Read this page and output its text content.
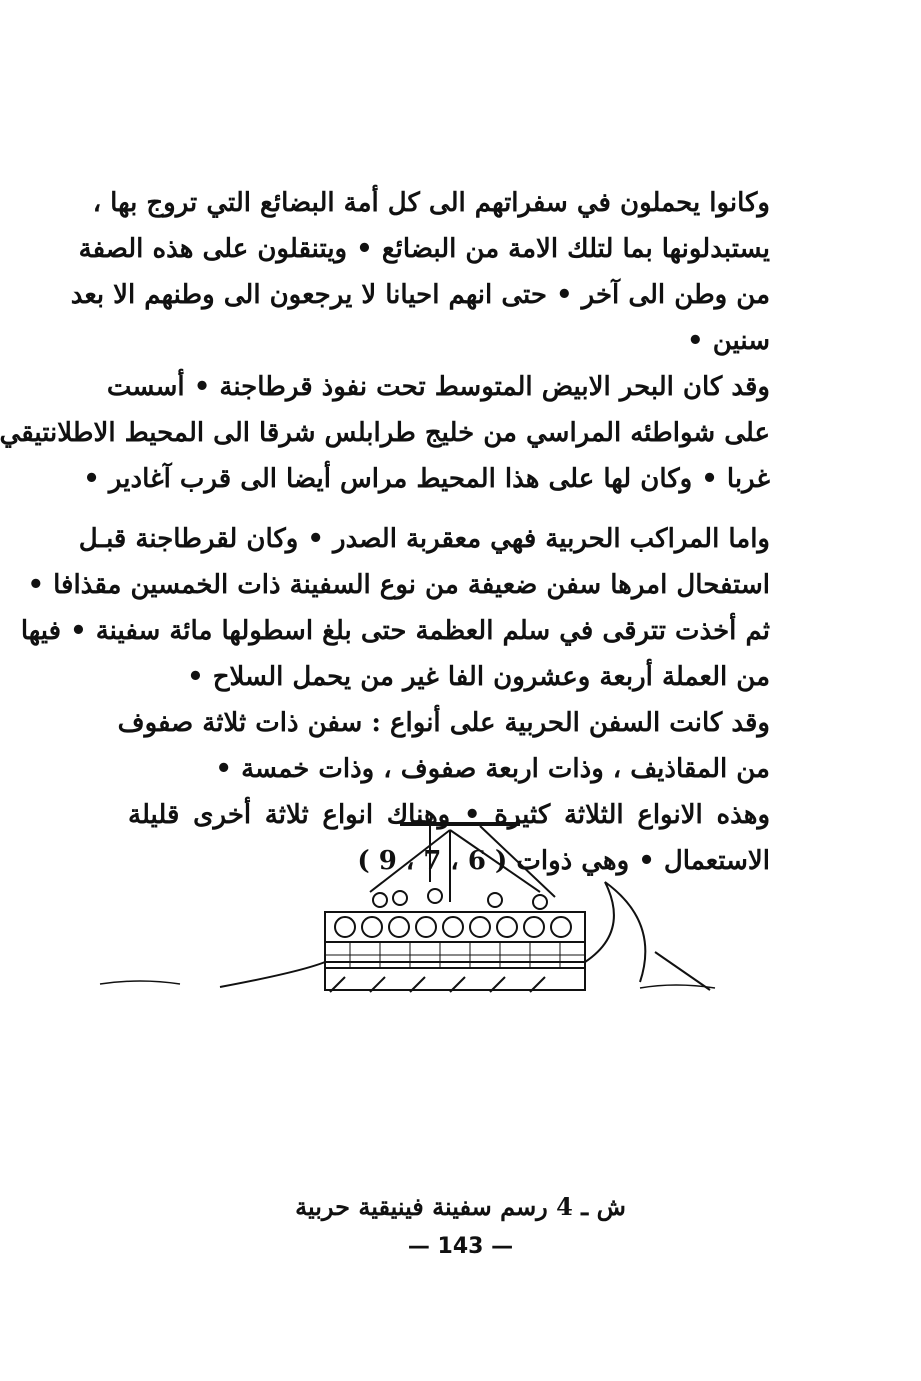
وكانوا يحملون في سفراتهم الى كل أمة البضائع التي تروج بها ،
يستبدلونها بما لتلك الامة من البضائع • ويتنقلون على هذه الصفة
من وطن الى آخر • حتى انهم احيانا لا يرجعون الى وطنهم الا بعد
سنين •
وقد كان البحر الابيض المتوسط تحت نفوذ قرطاجنة • أسست
على شواطئه المراسي من خليج طرابلس شرقا الى المحيط الاطلانتيقي
غربا • وكان لها على هذا المحيط مراس أيضا الى قرب آغادير •
واما المراكب الحربية فهي معقربة الصدر • وكان لقرطاجنة قبـل
استفحال امرها سفن ضعيفة من نوع السفينة ذات الخمسين مقذافا •
ثم أخذت تترقى في سلم العظمة حتى بلغ اسطولها مائة سفينة • فيها
من العملة أربعة وعشرون الفا غير من يحمل السلاح •
وقد كانت السفن الحربية على أنواع : سفن ذات ثلاثة صفوف
من المقاذيف ، وذات اربعة صفوف ، وذات خمسة •
وهذه الانواع الثلاثة كثيرة • وهناك انواع ثلاثة أخرى قليلة
الاستعمال • وهي ذوات ( 6 ، 7 ، 9 )
ش ـ 4 رسم سفينة فينيقية حربية
— 143 —
